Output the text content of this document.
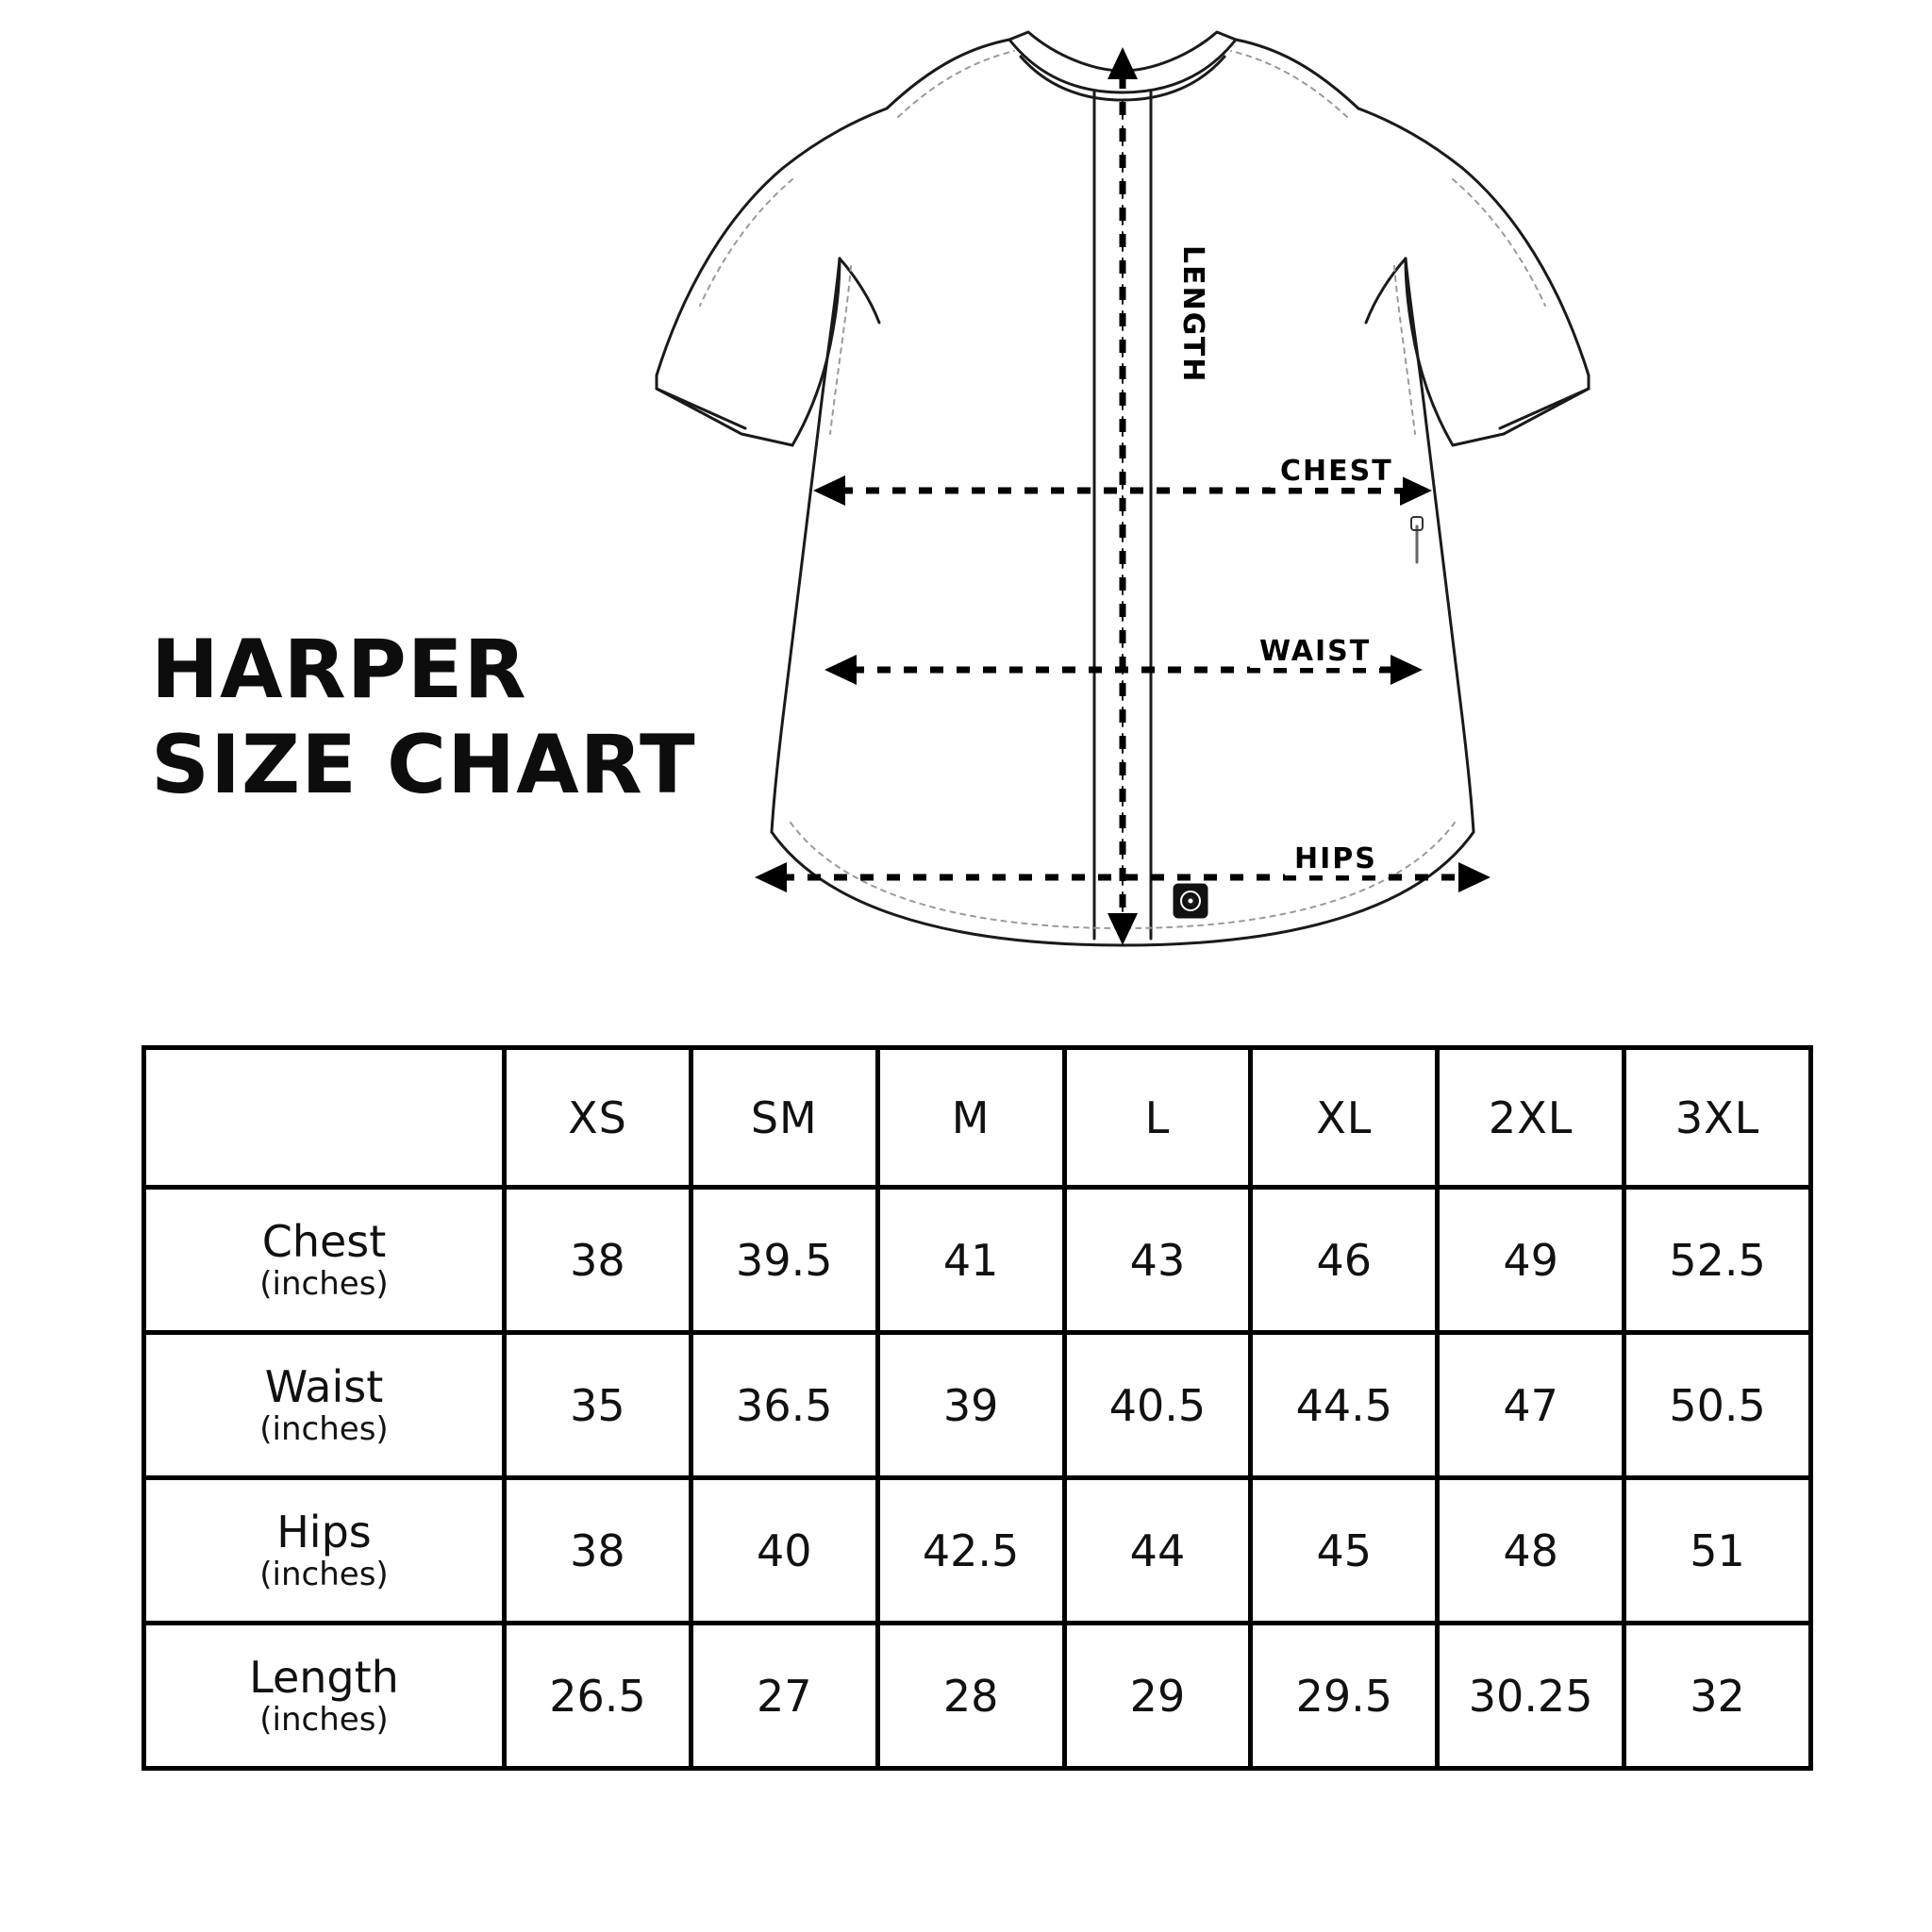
HARPER
SIZE CHART
LENGTH
CHEST
WAIST
HIPS
	XS	SM	M	L	XL	2XL	3XL
Chest
(inches)	38	39.5	41	43	46	49	52.5
Waist
(inches)	35	36.5	39	40.5	44.5	47	50.5
Hips
(inches)	38	40	42.5	44	45	48	51
Length
(inches)	26.5	27	28	29	29.5	30.25	32
